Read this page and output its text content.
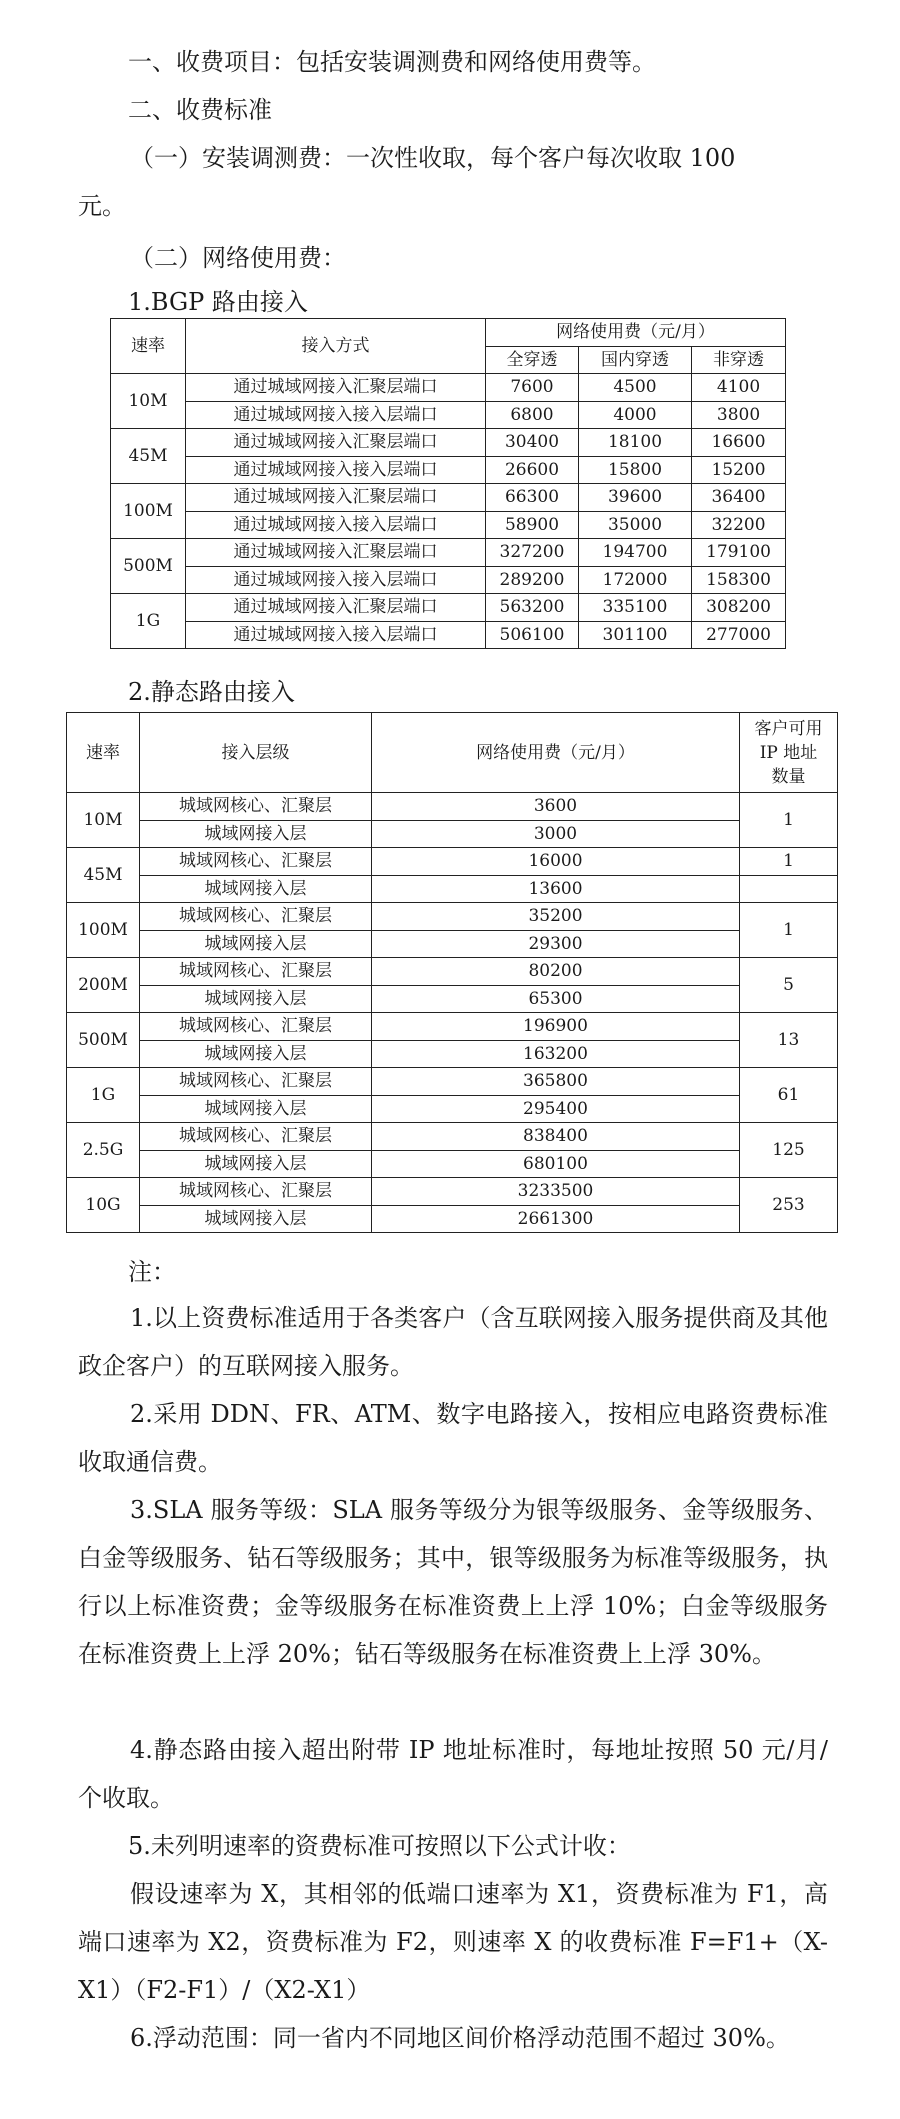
一、收费项目：包括安装调测费和网络使用费等。

二、收费标准

（一）安装调测费：一次性收取，每个客户每次收取 100

元。

（二）网络使用费：

1.BGP 路由接入

速率	接入方式	网络使用费（元/月）		
		全穿透	国内穿透	非穿透
10M	通过城域网接入汇聚层端口	7600	4500	4100
	通过城域网接入接入层端口	6800	4000	3800
45M	通过城域网接入汇聚层端口	30400	18100	16600
	通过城域网接入接入层端口	26600	15800	15200
100M	通过城域网接入汇聚层端口	66300	39600	36400
	通过城域网接入接入层端口	58900	35000	32200
500M	通过城域网接入汇聚层端口	327200	194700	179100
	通过城域网接入接入层端口	289200	172000	158300
1G	通过城域网接入汇聚层端口	563200	335100	308200
	通过城域网接入接入层端口	506100	301100	277000

2.静态路由接入

速率	接入层级	网络使用费（元/月）	客户可用
IP 地址
数量

10M	城域网核心、汇聚层	3600	1
	城域网接入层	3000	
45M	城域网核心、汇聚层	16000	1
	城域网接入层	13600	
100M	城域网核心、汇聚层	35200	1
	城域网接入层	29300	
200M	城域网核心、汇聚层	80200	5
	城域网接入层	65300	
500M	城域网核心、汇聚层	196900	13
	城域网接入层	163200	
1G	城域网核心、汇聚层	365800	61
	城域网接入层	295400	
2.5G	城域网核心、汇聚层	838400	125
	城域网接入层	680100	
10G	城域网核心、汇聚层	3233500	253
	城域网接入层	2661300	

注：

1.以上资费标准适用于各类客户（含互联网接入服务提供商及其他政企客户）的互联网接入服务。

2.采用 DDN、FR、ATM、数字电路接入，按相应电路资费标准收取通信费。

3.SLA 服务等级：SLA 服务等级分为银等级服务、金等级服务、白金等级服务、钻石等级服务；其中，银等级服务为标准等级服务，执行以上标准资费；金等级服务在标准资费上上浮 10%；白金等级服务在标准资费上上浮 20%；钻石等级服务在标准资费上上浮 30%。

4.静态路由接入超出附带 IP 地址标准时，每地址按照 50 元/月/个收取。

5.未列明速率的资费标准可按照以下公式计收：

假设速率为 X，其相邻的低端口速率为 X1，资费标准为 F1，高端口速率为 X2，资费标准为 F2，则速率 X 的收费标准 F=F1+（X-X1）（F2-F1）/（X2-X1）

6.浮动范围：同一省内不同地区间价格浮动范围不超过 30%。
